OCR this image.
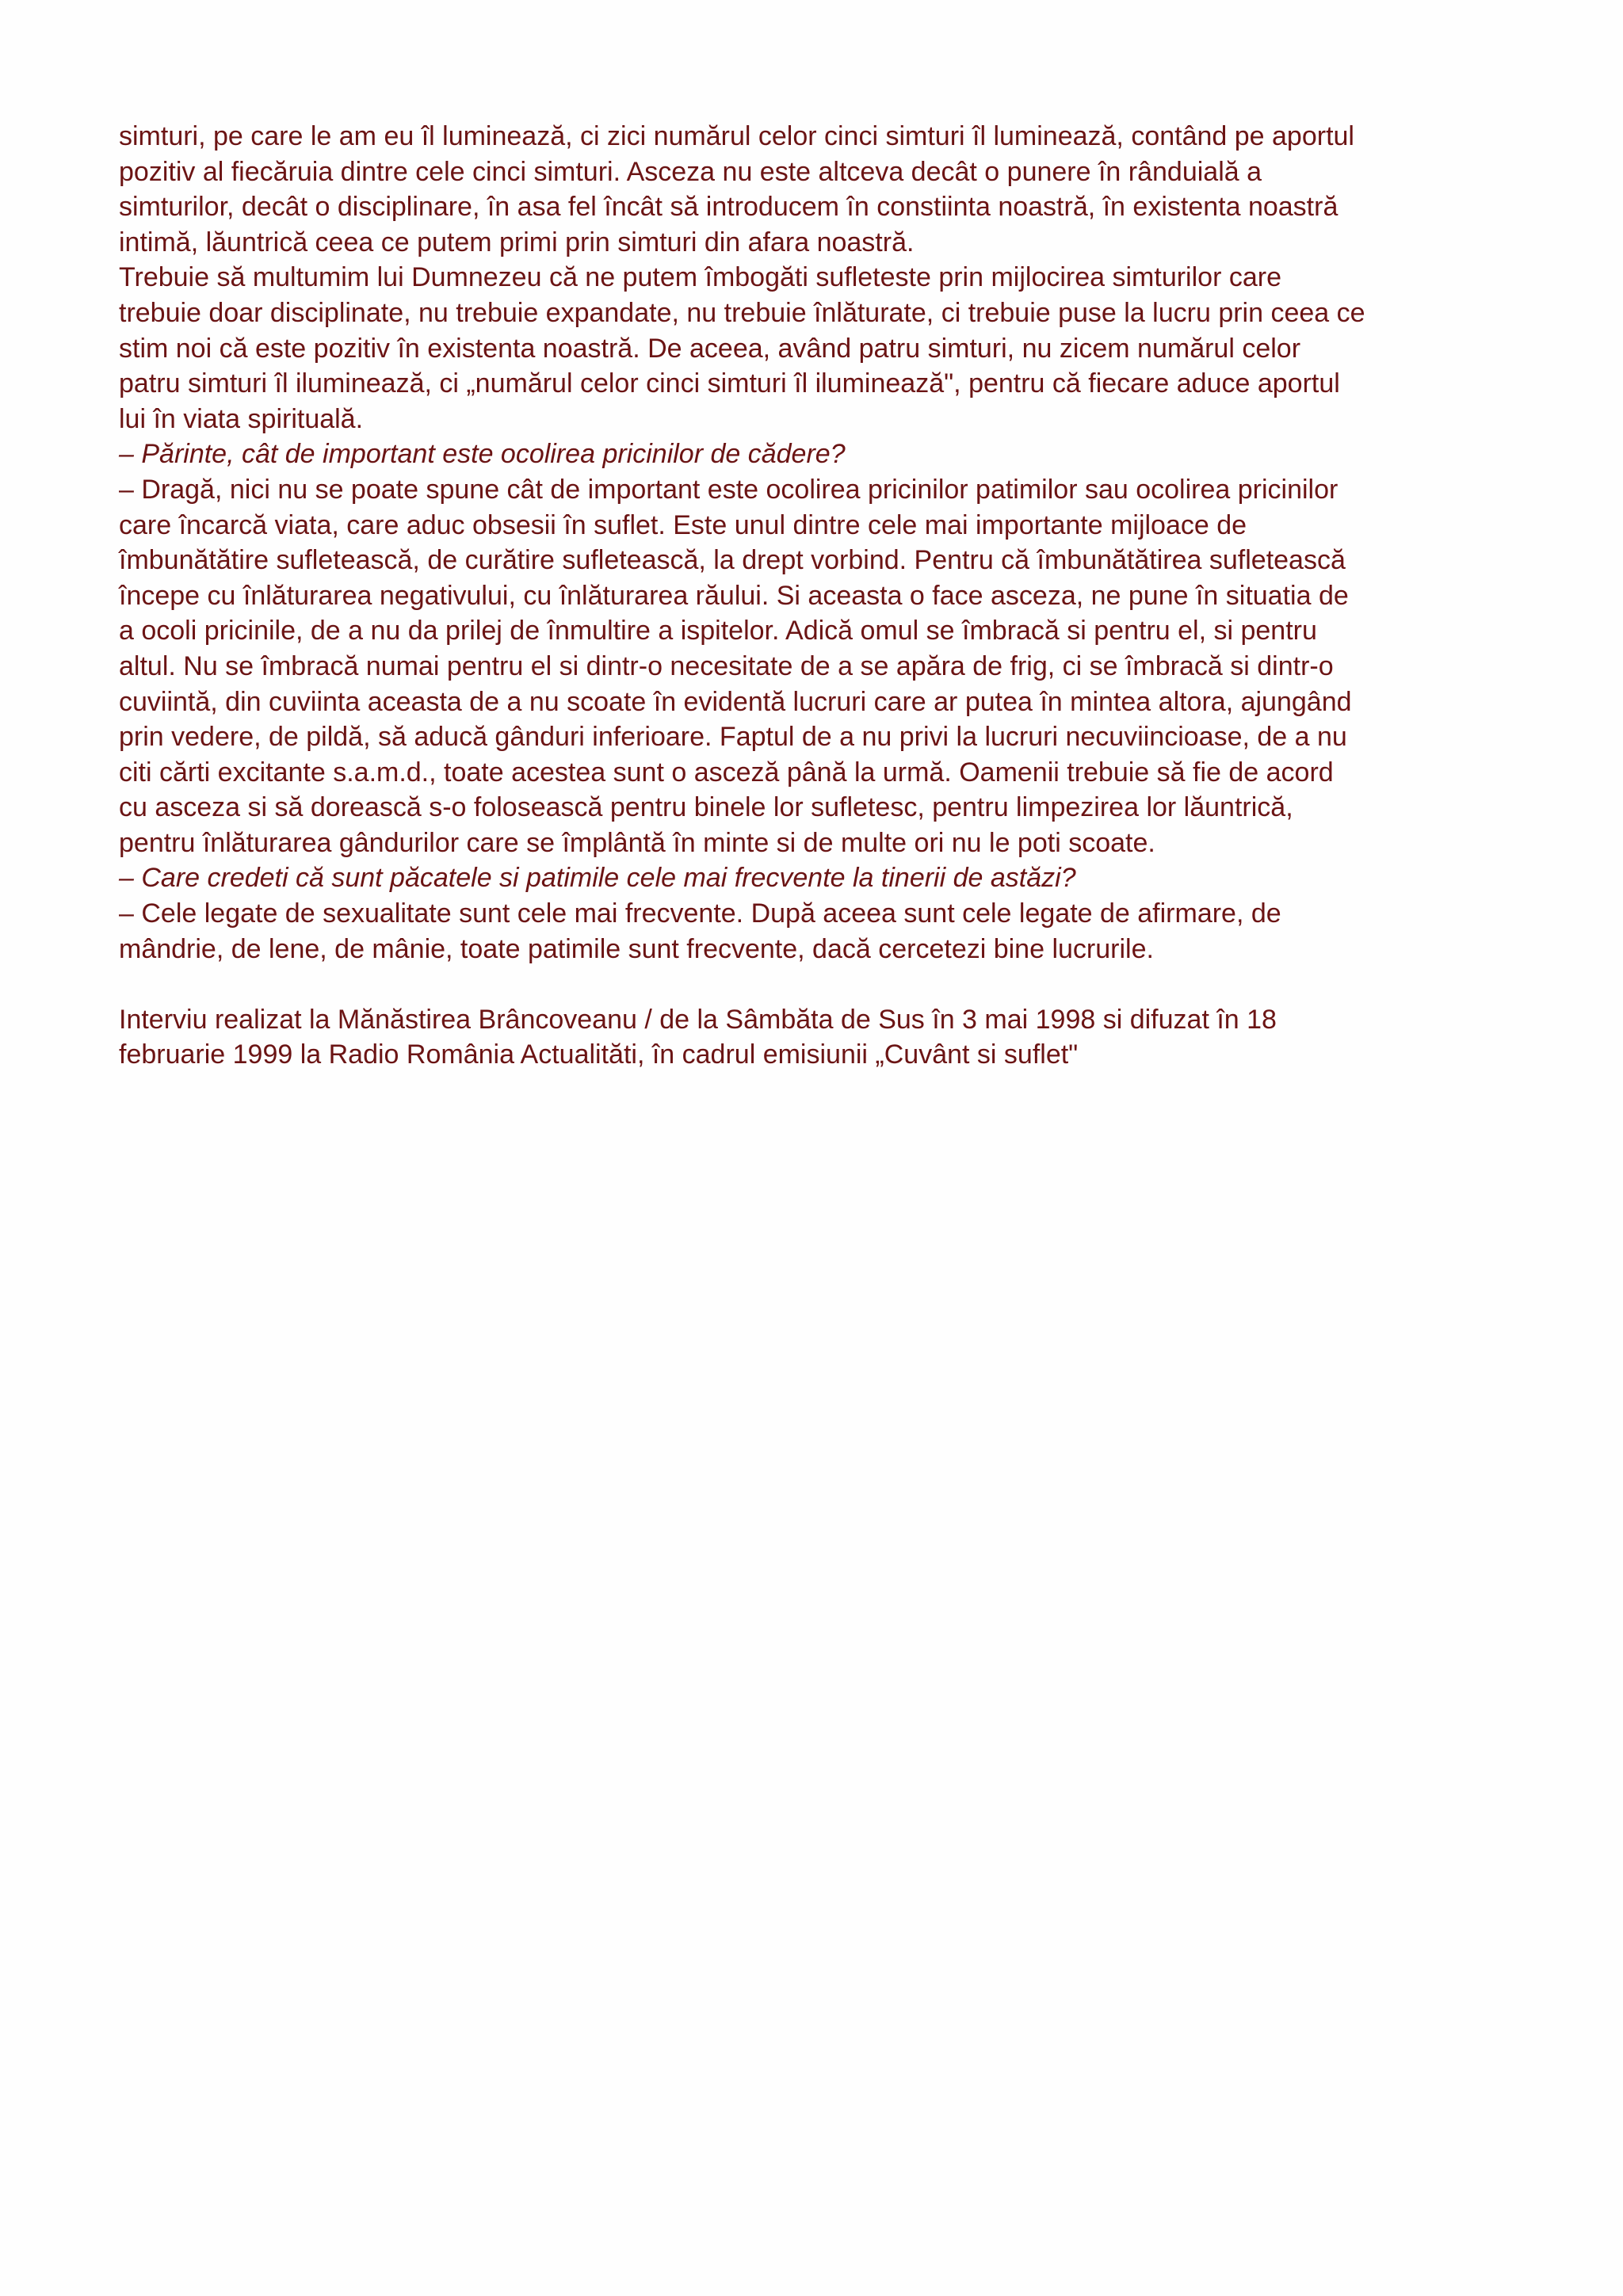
simturi, pe care le am eu îl luminează, ci zici numărul celor cinci simturi îl luminează, contând pe aportul
pozitiv al fiecăruia dintre cele cinci simturi. Asceza nu este altceva decât o punere în rânduială a
simturilor, decât o disciplinare, în asa fel încât să introducem în constiinta noastră, în existenta noastră
intimă, lăuntrică ceea ce putem primi prin simturi din afara noastră.

Trebuie să multumim lui Dumnezeu că ne putem îmbogăti sufleteste prin mijlocirea simturilor care
trebuie doar disciplinate, nu trebuie expandate, nu trebuie înlăturate, ci trebuie puse la lucru prin ceea ce
stim noi că este pozitiv în existenta noastră. De aceea, având patru simturi, nu zicem numărul celor
patru simturi îl iluminează, ci „numărul celor cinci simturi îl iluminează", pentru că fiecare aduce aportul
lui în viata spirituală.

– Părinte, cât de important este ocolirea pricinilor de cădere?

– Dragă, nici nu se poate spune cât de important este ocolirea pricinilor patimilor sau ocolirea pricinilor
care încarcă viata, care aduc obsesii în suflet. Este unul dintre cele mai importante mijloace de
îmbunătătire sufletească, de curătire sufletească, la drept vorbind. Pentru că îmbunătătirea sufletească
începe cu înlăturarea negativului, cu înlăturarea răului. Si aceasta o face asceza, ne pune în situatia de
a ocoli pricinile, de a nu da prilej de înmultire a ispitelor. Adică omul se îmbracă si pentru el, si pentru
altul. Nu se îmbracă numai pentru el si dintr-o necesitate de a se apăra de frig, ci se îmbracă si dintr-o
cuviintă, din cuviinta aceasta de a nu scoate în evidentă lucruri care ar putea în mintea altora, ajungând
prin vedere, de pildă, să aducă gânduri inferioare. Faptul de a nu privi la lucruri necuviincioase, de a nu
citi cărti excitante s.a.m.d., toate acestea sunt o asceză până la urmă. Oamenii trebuie să fie de acord
cu asceza si să dorească s-o folosească pentru binele lor sufletesc, pentru limpezirea lor lăuntrică,
pentru înlăturarea gândurilor care se împlântă în minte si de multe ori nu le poti scoate.

– Care credeti că sunt păcatele si patimile cele mai frecvente la tinerii de astăzi?

– Cele legate de sexualitate sunt cele mai frecvente. După aceea sunt cele legate de afirmare, de
mândrie, de lene, de mânie, toate patimile sunt frecvente, dacă cercetezi bine lucrurile.

Interviu realizat la Mănăstirea Brâncoveanu / de la Sâmbăta de Sus în 3 mai 1998 si difuzat în 18
februarie 1999 la Radio România Actualităti, în cadrul emisiunii „Cuvânt si suflet"
